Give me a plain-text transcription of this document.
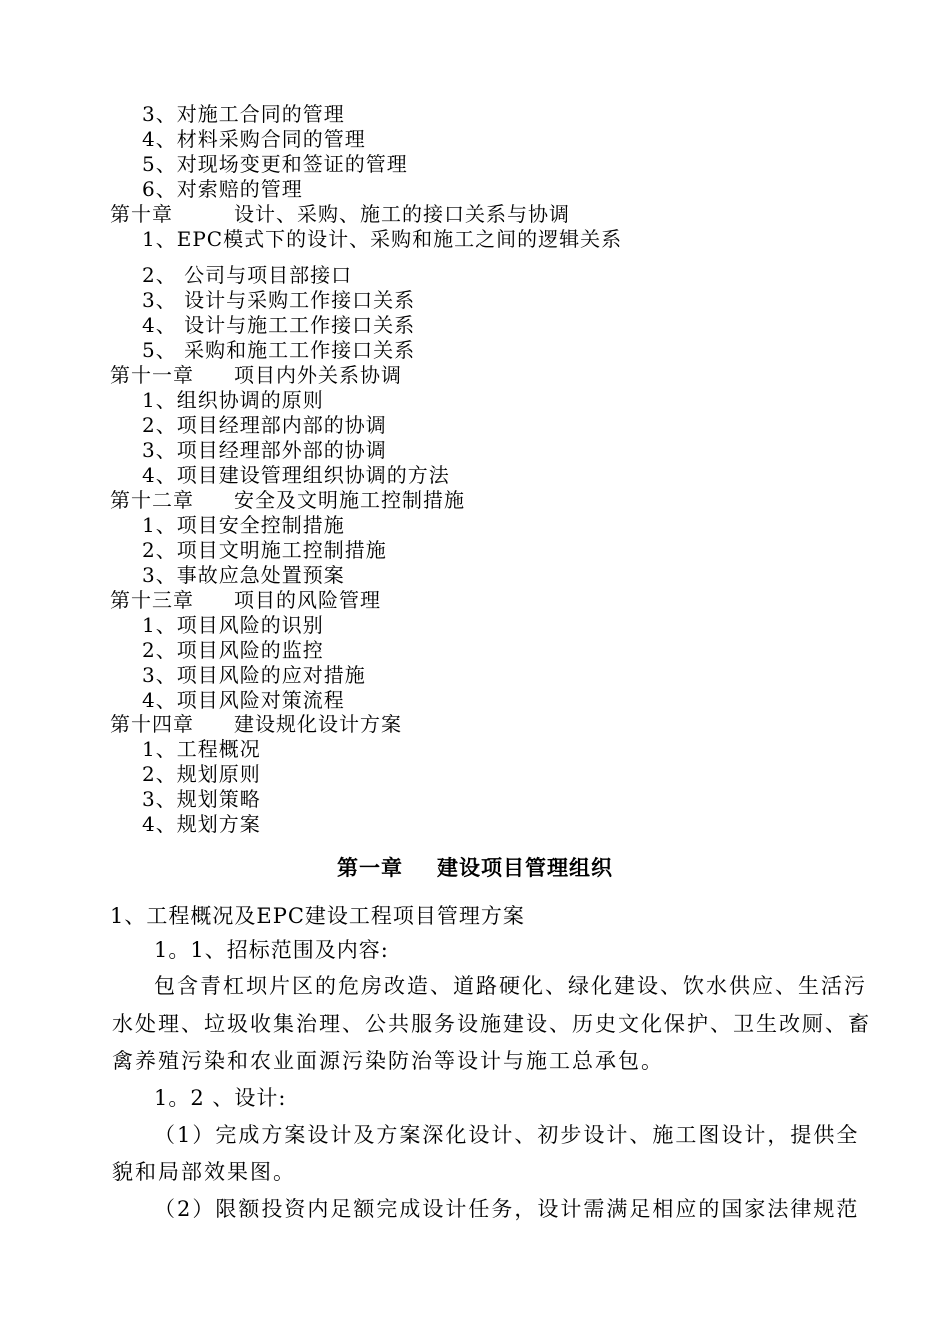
3、对施工合同的管理
4、材料采购合同的管理
5、对现场变更和签证的管理
6、对索赔的管理
第十章	设计、采购、施工的接口关系与协调
1、EPC模式下的设计、采购和施工之间的逻辑关系
2、 公司与项目部接口
3、 设计与采购工作接口关系
4、 设计与施工工作接口关系
5、 采购和施工工作接口关系
第十一章 项目内外关系协调
1、组织协调的原则
2、项目经理部内部的协调
3、项目经理部外部的协调
4、项目建设管理组织协调的方法
第十二章 安全及文明施工控制措施
1、项目安全控制措施
2、项目文明施工控制措施
3、事故应急处置预案
第十三章 项目的风险管理
1、项目风险的识别
2、项目风险的监控
3、项目风险的应对措施
4、项目风险对策流程
第十四章 建设规化设计方案
1、工程概况
2、规划原则
3、规划策略
4、规划方案
第一章 建设项目管理组织
1、工程概况及EPC建设工程项目管理方案
1。1、招标范围及内容:
包含青杠坝片区的危房改造、道路硬化、绿化建设、饮水供应、生活污
水处理、垃圾收集治理、公共服务设施建设、历史文化保护、卫生改厕、畜
禽养殖污染和农业面源污染防治等设计与施工总承包。
1。2 、设计:
（1）完成方案设计及方案深化设计、初步设计、施工图设计，提供全
貌和局部效果图。
（2）限额投资内足额完成设计任务，设计需满足相应的国家法律规范
